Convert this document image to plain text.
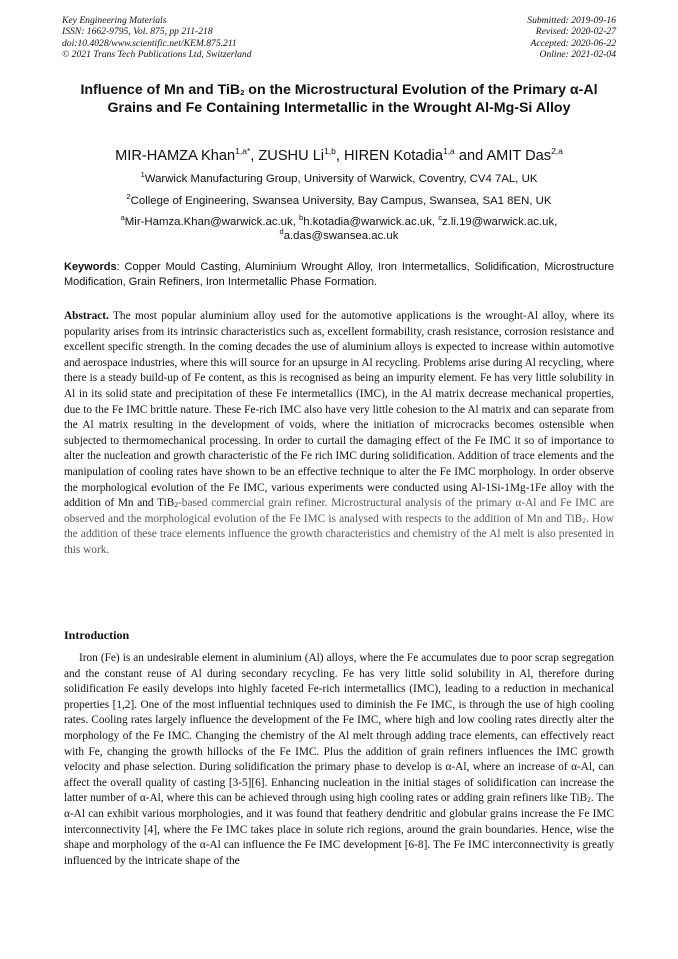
Key Engineering Materials
ISSN: 1662-9795, Vol. 875, pp 211-218
doi:10.4028/www.scientific.net/KEM.875.211
© 2021 Trans Tech Publications Ltd, Switzerland
Submitted: 2019-09-16
Revised: 2020-02-27
Accepted: 2020-06-22
Online: 2021-02-04
Influence of Mn and TiB$_2$ on the Microstructural Evolution of the Primary α-Al Grains and Fe Containing Intermetallic in the Wrought Al-Mg-Si Alloy
MIR-HAMZA Khan$^{1,a*}$, ZUSHU Li$^{1,b}$, HIREN Kotadia$^{1,a}$ and AMIT Das$^{2,a}$
$^1$Warwick Manufacturing Group, University of Warwick, Coventry, CV4 7AL, UK
$^2$College of Engineering, Swansea University, Bay Campus, Swansea, SA1 8EN, UK
$^a$Mir-Hamza.Khan@warwick.ac.uk, $^b$h.kotadia@warwick.ac.uk, $^c$z.li.19@warwick.ac.uk,
$^d$a.das@swansea.ac.uk
Keywords: Copper Mould Casting, Aluminium Wrought Alloy, Iron Intermetallics, Solidification, Microstructure Modification, Grain Refiners, Iron Intermetallic Phase Formation.
Abstract. The most popular aluminium alloy used for the automotive applications is the wrought-Al alloy, where its popularity arises from its intrinsic characteristics such as, excellent formability, crash resistance, corrosion resistance and excellent specific strength. In the coming decades the use of aluminium alloys is expected to increase within automotive and aerospace industries, where this will source for an upsurge in Al recycling. Problems arise during Al recycling, where there is a steady build-up of Fe content, as this is recognised as being an impurity element. Fe has very little solubility in Al in its solid state and precipitation of these Fe intermetallics (IMC), in the Al matrix decrease mechanical properties, due to the Fe IMC brittle nature. These Fe-rich IMC also have very little cohesion to the Al matrix and can separate from the Al matrix resulting in the development of voids, where the initiation of microcracks becomes ostensible when subjected to thermomechanical processing. In order to curtail the damaging effect of the Fe IMC it so of importance to alter the nucleation and growth characteristic of the Fe rich IMC during solidification. Addition of trace elements and the manipulation of cooling rates have shown to be an effective technique to alter the Fe IMC morphology. In order observe the morphological evolution of the Fe IMC, various experiments were conducted using Al-1Si-1Mg-1Fe alloy with the addition of Mn and TiB$_2$-based commercial grain refiner. Microstructural analysis of the primary α-Al and Fe IMC are observed and the morphological evolution of the Fe IMC is analysed with respects to the addition of Mn and TiB$_2$. How the addition of these trace elements influence the growth characteristics and chemistry of the Al melt is also presented in this work.
Introduction
Iron (Fe) is an undesirable element in aluminium (Al) alloys, where the Fe accumulates due to poor scrap segregation and the constant reuse of Al during secondary recycling. Fe has very little solid solubility in Al, therefore during solidification Fe easily develops into highly faceted Fe-rich intermetallics (IMC), leading to a reduction in mechanical properties [1,2]. One of the most influential techniques used to diminish the Fe IMC, is through the use of high cooling rates. Cooling rates largely influence the development of the Fe IMC, where high and low cooling rates directly alter the morphology of the Fe IMC. Changing the chemistry of the Al melt through adding trace elements, can effectively react with Fe, changing the growth hillocks of the Fe IMC. Plus the addition of grain refiners influences the IMC growth velocity and phase selection. During solidification the primary phase to develop is α-Al, where an increase of α-Al, can affect the overall quality of casting [3-5][6]. Enhancing nucleation in the initial stages of solidification can increase the latter number of α-Al, where this can be achieved through using high cooling rates or adding grain refiners like TiB$_2$. The α-Al can exhibit various morphologies, and it was found that feathery dendritic and globular grains increase the Fe IMC interconnectivity [4], where the Fe IMC takes place in solute rich regions, around the grain boundaries. Hence, wise the shape and morphology of the α-Al can influence the Fe IMC development [6-8]. The Fe IMC interconnectivity is greatly influenced by the intricate shape of the
